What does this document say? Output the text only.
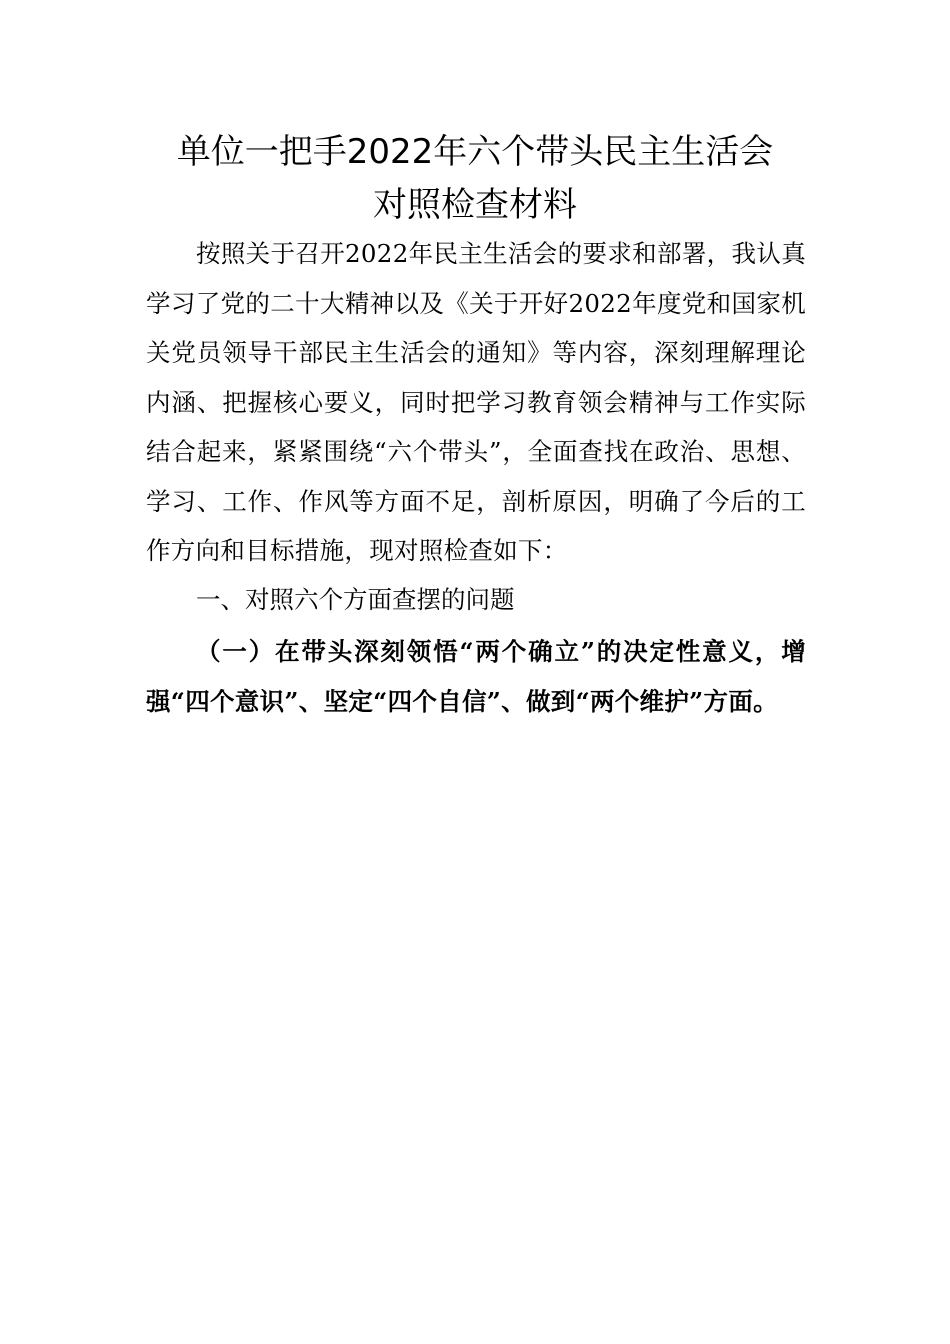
单位一把手2022年六个带头民主生活会
对照检查材料
按照关于召开2022年民主生活会的要求和部署，我认真学习了党的二十大精神以及《关于开好2022年度党和国家机关党员领导干部民主生活会的通知》等内容，深刻理解理论内涵、把握核心要义，同时把学习教育领会精神与工作实际结合起来，紧紧围绕“六个带头”，全面查找在政治、思想、学习、工作、作风等方面不足，剖析原因，明确了今后的工作方向和目标措施，现对照检查如下：
一、对照六个方面查摆的问题
（一）在带头深刻领悟“两个确立”的决定性意义，增强“四个意识”、坚定“四个自信”、做到“两个维护”方面。
